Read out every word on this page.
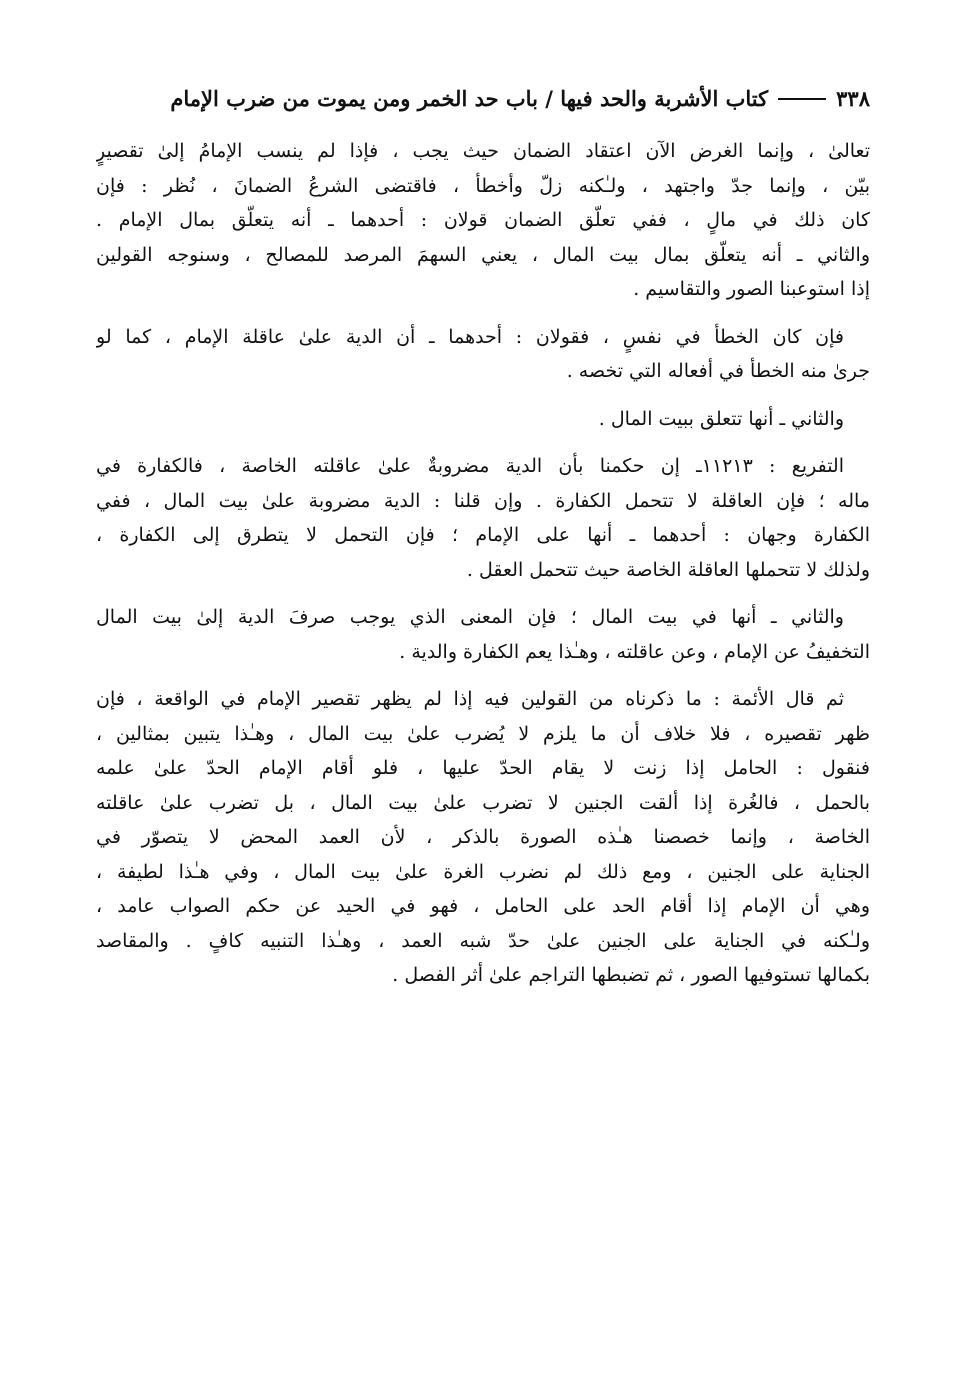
٣٣٨
كتاب الأشربة والحد فيها / باب حد الخمر ومن يموت من ضرب الإمام
تعالىٰ ، وإنما الغرض الآن اعتقاد الضمان حيث يجب ، فإذا لم ينسب الإمامُ إلىٰ تقصيرٍ
بيّن ، وإنما جدّ واجتهد ، ولـٰكنه زلّ وأخطأ ، فاقتضى الشرعُ الضمانَ ، نُظر : فإن
كان ذلك في مالٍ ، ففي تعلّق الضمان قولان : أحدهما ـ أنه يتعلّق بمال الإمام .
والثاني ـ أنه يتعلّق بمال بيت المال ، يعني السهمَ المرصد للمصالح ، وسنوجه القولين
إذا استوعبنا الصور والتقاسيم .
فإن كان الخطأ في نفسٍ ، فقولان : أحدهما ـ أن الدية علىٰ عاقلة الإمام ، كما لو
جرىٰ منه الخطأ في أفعاله التي تخصه .
والثاني ـ أنها تتعلق ببيت المال .
التفريع : ١١٢١٣ـ إن حكمنا بأن الدية مضروبةٌ علىٰ عاقلته الخاصة ، فالكفارة في
ماله ؛ فإن العاقلة لا تتحمل الكفارة . وإن قلنا : الدية مضروبة علىٰ بيت المال ، ففي
الكفارة وجهان : أحدهما ـ أنها على الإمام ؛ فإن التحمل لا يتطرق إلى الكفارة ،
ولذلك لا تتحملها العاقلة الخاصة حيث تتحمل العقل .
والثاني ـ أنها في بيت المال ؛ فإن المعنى الذي يوجب صرفَ الدية إلىٰ بيت المال
التخفيفُ عن الإمام ، وعن عاقلته ، وهـٰذا يعم الكفارة والدية .
ثم قال الأئمة : ما ذكرناه من القولين فيه إذا لم يظهر تقصير الإمام في الواقعة ، فإن
ظهر تقصيره ، فلا خلاف أن ما يلزم لا يُضرب علىٰ بيت المال ، وهـٰذا يتبين بمثالين ،
فنقول : الحامل إذا زنت لا يقام الحدّ عليها ، فلو أقام الإمام الحدّ علىٰ علمه
بالحمل ، فالغُرة إذا ألقت الجنين لا تضرب علىٰ بيت المال ، بل تضرب علىٰ عاقلته
الخاصة ، وإنما خصصنا هـٰذه الصورة بالذكر ، لأن العمد المحض لا يتصوّر في
الجناية على الجنين ، ومع ذلك لم نضرب الغرة علىٰ بيت المال ، وفي هـٰذا لطيفة ،
وهي أن الإمام إذا أقام الحد على الحامل ، فهو في الحيد عن حكم الصواب عامد ،
ولـٰكنه في الجناية على الجنين علىٰ حدّ شبه العمد ، وهـٰذا التنبيه كافٍ . والمقاصد
بكمالها تستوفيها الصور ، ثم تضبطها التراجم علىٰ أثر الفصل .
